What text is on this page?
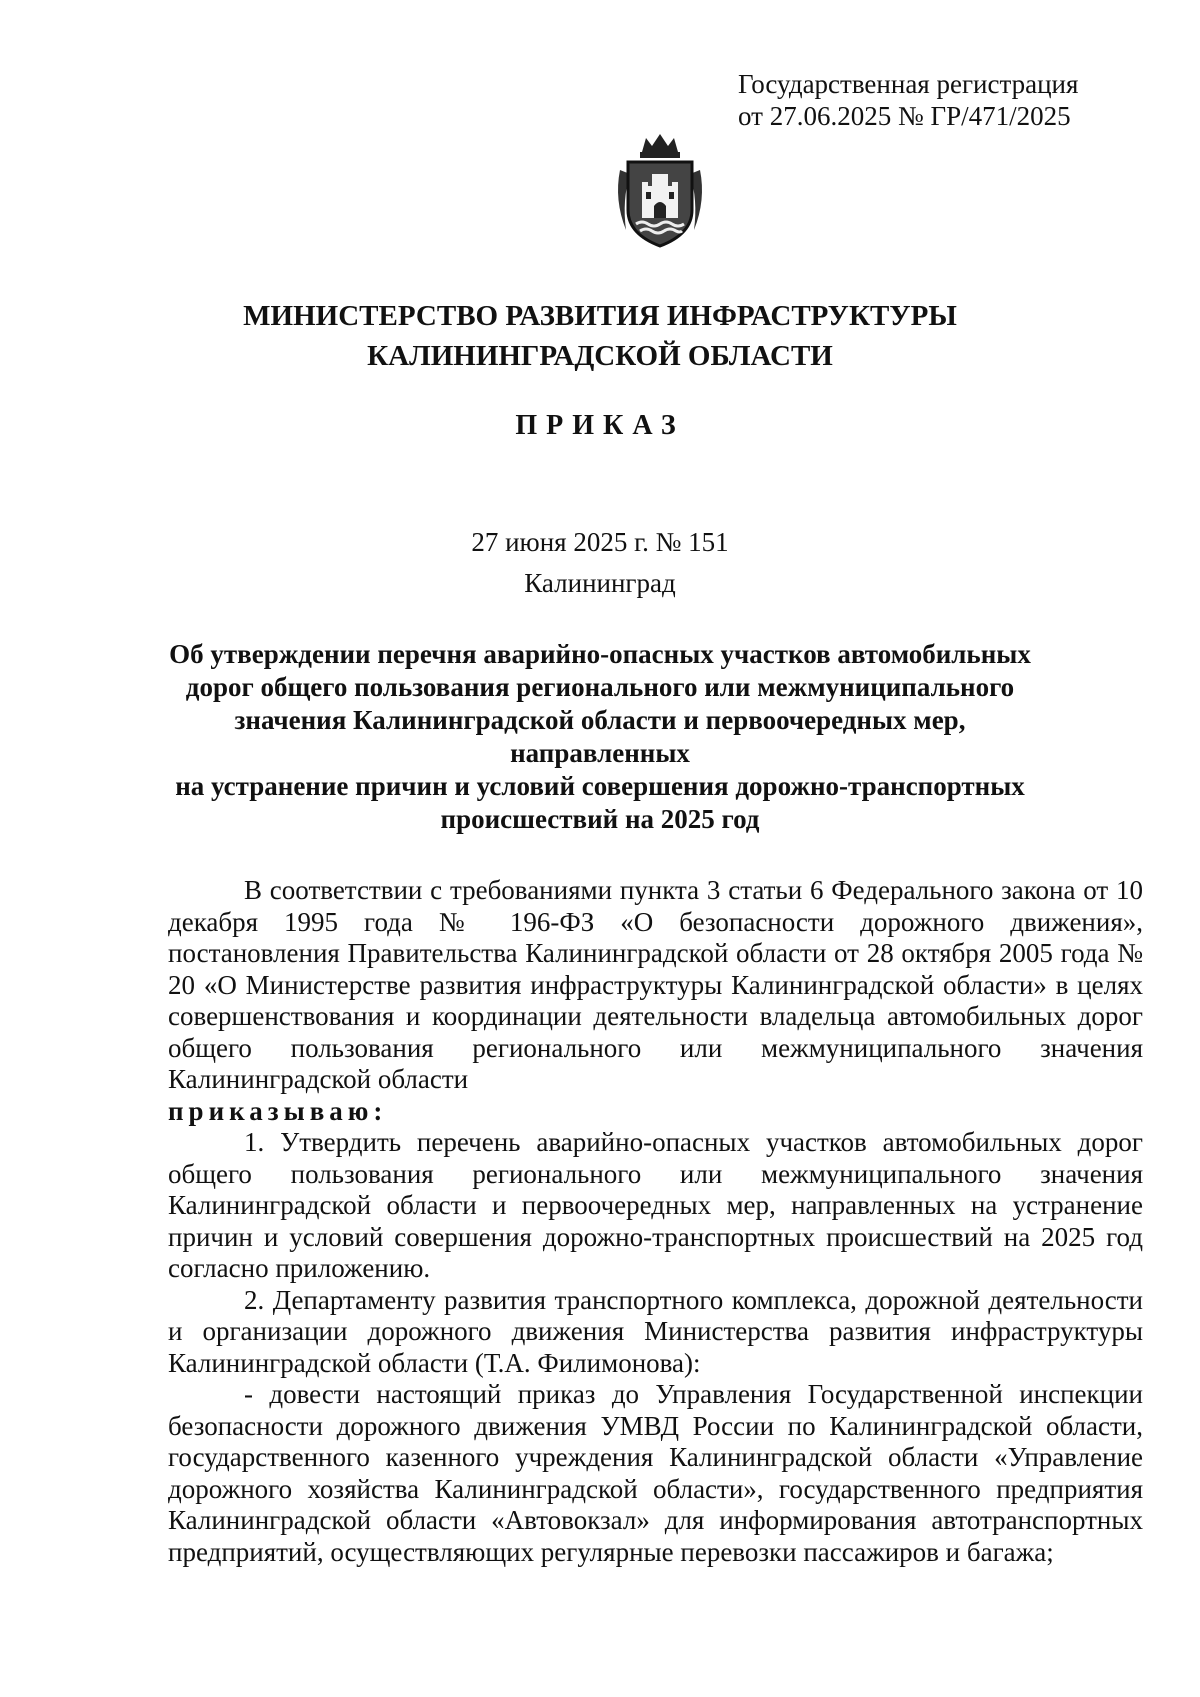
Государственная регистрация
от 27.06.2025 № ГР/471/2025
МИНИСТЕРСТВО РАЗВИТИЯ ИНФРАСТРУКТУРЫ
КАЛИНИНГРАДСКОЙ ОБЛАСТИ
ПРИКАЗ
27 июня 2025 г. № 151
Калининград
Об утверждении перечня аварийно-опасных участков автомобильных
дорог общего пользования регионального или межмуниципального
значения Калининградской области и первоочередных мер, направленных
на устранение причин и условий совершения дорожно-транспортных
происшествий на 2025 год

В соответствии с требованиями пункта 3 статьи 6 Федерального закона от 10 декабря 1995 года № 196-ФЗ «О безопасности дорожного движения», постановления Правительства Калининградской области от 28 октября 2005 года № 20 «О Министерстве развития инфраструктуры Калининградской области» в целях совершенствования и координации деятельности владельца автомобильных дорог общего пользования регионального или межмуниципального значения Калининградской области

приказываю:

1. Утвердить перечень аварийно-опасных участков автомобильных дорог общего пользования регионального или межмуниципального значения Калининградской области и первоочередных мер, направленных на устранение причин и условий совершения дорожно-транспортных происшествий на 2025 год согласно приложению.

2. Департаменту развития транспортного комплекса, дорожной деятельности и организации дорожного движения Министерства развития инфраструктуры Калининградской области (Т.А. Филимонова):

- довести настоящий приказ до Управления Государственной инспекции безопасности дорожного движения УМВД России по Калининградской области, государственного казенного учреждения Калининградской области «Управление дорожного хозяйства Калининградской области», государственного предприятия Калининградской области «Автовокзал» для информирования автотранспортных предприятий, осуществляющих регулярные перевозки пассажиров и багажа;
